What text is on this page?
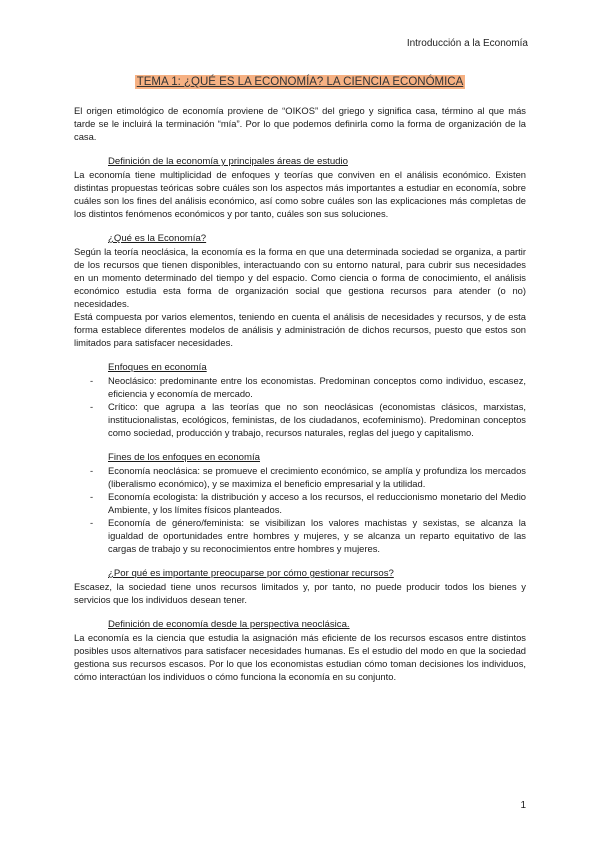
Introducción a la Economía
TEMA 1: ¿QUÉ ES LA ECONOMÍA? LA CIENCIA ECONÓMICA

El origen etimológico de economía proviene de “OIKOS” del griego y significa casa, término al que más tarde se le incluirá la terminación “mía”. Por lo que podemos definirla como la forma de organización de la casa.

Definición de la economía y principales áreas de estudio

La economía tiene multiplicidad de enfoques y teorías que conviven en el análisis económico. Existen distintas propuestas teóricas sobre cuáles son los aspectos más importantes a estudiar en economía, sobre cuáles son los fines del análisis económico, así como sobre cuáles son las explicaciones más completas de los distintos fenómenos económicos y por tanto, cuáles son sus soluciones.

¿Qué es la Economía?

Según la teoría neoclásica, la economía es la forma en que una determinada sociedad se organiza, a partir de los recursos que tienen disponibles, interactuando con su entorno natural, para cubrir sus necesidades en un momento determinado del tiempo y del espacio. Como ciencia o forma de conocimiento, el análisis económico estudia esta forma de organización social que gestiona recursos para atender (o no) necesidades.

Está compuesta por varios elementos, teniendo en cuenta el análisis de necesidades y recursos, y de esta forma establece diferentes modelos de análisis y administración de dichos recursos, puesto que estos son limitados para satisfacer necesidades.

Enfoques en economía
- Neoclásico: predominante entre los economistas. Predominan conceptos como individuo, escasez, eficiencia y economía de mercado.
- Crítico: que agrupa a las teorías que no son neoclásicas (economistas clásicos, marxistas, institucionalistas, ecológicos, feministas, de los ciudadanos, ecofeminismo). Predominan conceptos como sociedad, producción y trabajo, recursos naturales, reglas del juego y capitalismo.
Fines de los enfoques en economía
- Economía neoclásica: se promueve el crecimiento económico, se amplía y profundiza los mercados (liberalismo económico), y se maximiza el beneficio empresarial y la utilidad.
- Economía ecologista: la distribución y acceso a los recursos, el reduccionismo monetario del Medio Ambiente, y los límites físicos planteados.
- Economía de género/feminista: se visibilizan los valores machistas y sexistas, se alcanza la igualdad de oportunidades entre hombres y mujeres, y se alcanza un reparto equitativo de las cargas de trabajo y su reconocimientos entre hombres y mujeres.
¿Por qué es importante preocuparse por cómo gestionar recursos?

Escasez, la sociedad tiene unos recursos limitados y, por tanto, no puede producir todos los bienes y servicios que los individuos desean tener.

Definición de economía desde la perspectiva neoclásica.

La economía es la ciencia que estudia la asignación más eficiente de los recursos escasos entre distintos posibles usos alternativos para satisfacer necesidades humanas. Es el estudio del modo en que la sociedad gestiona sus recursos escasos. Por lo que los economistas estudian cómo toman decisiones los individuos, cómo interactúan los individuos o cómo funciona la economía en su conjunto.

1
